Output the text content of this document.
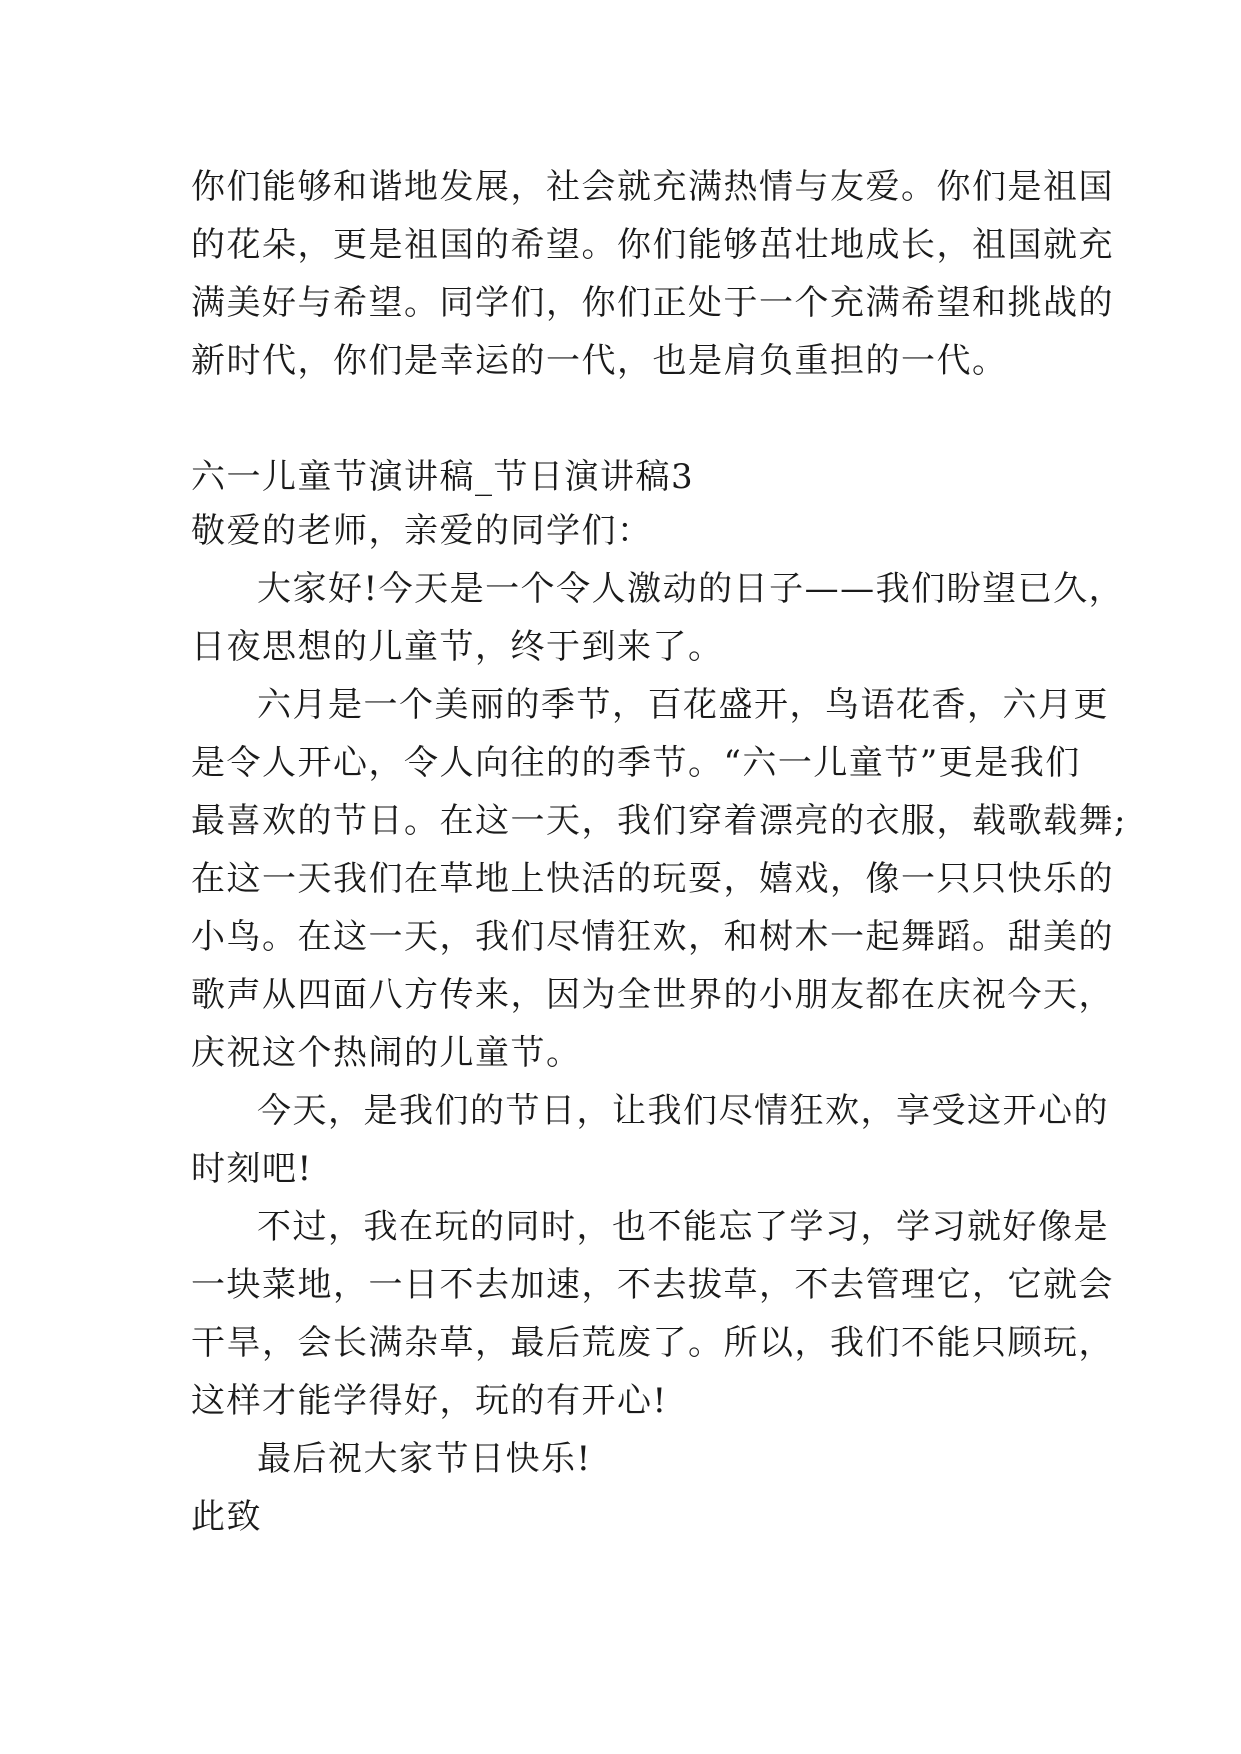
你们能够和谐地发展，社会就充满热情与友爱。你们是祖国
的花朵，更是祖国的希望。你们能够茁壮地成长，祖国就充
满美好与希望。同学们，你们正处于一个充满希望和挑战的
新时代，你们是幸运的一代，也是肩负重担的一代。
六一儿童节演讲稿_节日演讲稿3
敬爱的老师，亲爱的同学们：
大家好!今天是一个令人激动的日子——我们盼望已久，
日夜思想的儿童节，终于到来了。
六月是一个美丽的季节，百花盛开，鸟语花香，六月更
是令人开心，令人向往的的季节。“六一儿童节”更是我们
最喜欢的节日。在这一天，我们穿着漂亮的衣服，载歌载舞;
在这一天我们在草地上快活的玩耍，嬉戏，像一只只快乐的
小鸟。在这一天，我们尽情狂欢，和树木一起舞蹈。甜美的
歌声从四面八方传来，因为全世界的小朋友都在庆祝今天，
庆祝这个热闹的儿童节。
今天，是我们的节日，让我们尽情狂欢，享受这开心的
时刻吧!
不过，我在玩的同时，也不能忘了学习，学习就好像是
一块菜地，一日不去加速，不去拔草，不去管理它，它就会
干旱，会长满杂草，最后荒废了。所以，我们不能只顾玩，
这样才能学得好，玩的有开心!
最后祝大家节日快乐!
此致
